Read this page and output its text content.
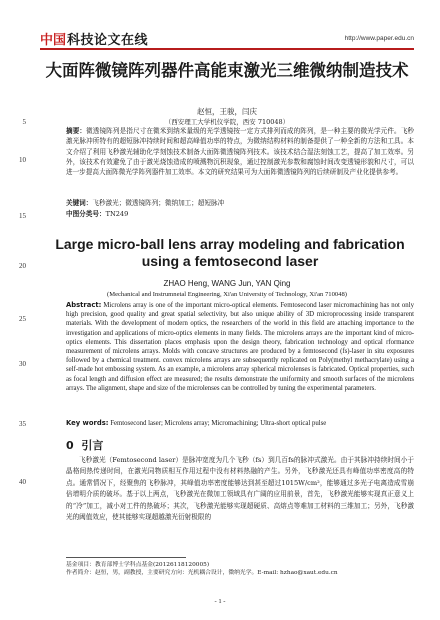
中国 科技论文在线	http://www.paper.edu.cn
大面阵微镜阵列器件高能束激光三维微纳制造技术
赵恒，王骏，闫庆
（西安理工大学机仪学院，西安 710048）
摘要：微透镜阵列是指尺寸在微米到纳米量级的光学透镜按一定方式排列而成的阵列，是一种主要的微光学元件。飞秒激光脉冲所特有的超短脉冲持续时间和超高峰值功率的特点，为微纳结构材料的制备提供了一种全新的方法和工具。本文介绍了利用飞秒激光辅助化学刻蚀技术制备大面阵微透镜阵列技术。该技术结合湿法刻蚀工艺，提高了加工效率。另外，该技术有效避免了由于激光烧蚀造成的喷溅物沉积现象，通过控制激光参数和腐蚀时间改变透镜形貌和尺寸，可以进一步提高大面阵微光学阵列器件加工效率。本文的研究结果可为大面阵微透镜阵列的后续研制及产业化提供参考。
关键词：飞秒激光；微透镜阵列；微纳加工；超短脉冲
中图分类号：TN249
Large micro-ball lens array modeling and fabrication using a femtosecond laser
ZHAO Heng, WANG Jun, YAN Qing
(Mechanical and Instrumnetal Engineering, Xi'an University of Technology, Xi'an 710048)
Abstract: Microlens array is one of the important micro-optical elements. Femtosecond laser micromachining has not only high precision, good quality and great spatial selectivity, but also unique ability of 3D microprocessing inside transparent materials. With the development of modern optics, the researchers of the world in this field are attaching importance to the investigation and applications of micro-optics elements in many fields. The microlens arrays are the important kind of micro-optics elements. This dissertation places emphasis upon the design theory, fabrication technology and optical rformance measurement of microlens arrays. Molds with concave structures are produced by a femtosecond (fs)-laser in situ exposures followed by a chemical treatment. convex microlens arrays are subsequently replicated on Poly(methyl methacrylate) using a self-made hot embossing system. As an example, a microlens array spherical microlenses is fabricated. Optical properties, such as focal length and diffusion effect are measured; the results demonstrate the uniformity and smooth surfaces of the microlens arrays. The alignment, shape and size of the microlenses can be controlled by tuning the experimental parameters.
Key words: Femtosecond laser; Microlens array; Micromachining; Ultra-short optical pulse
0 引言
飞秒激光（Femtosecond laser）是脉冲宽度为几个飞秒（fs）到几百fs的脉冲式激光。由于其脉冲持续时间小于晶格间热传递时间，在激光同物质相互作用过程中没有材料热融的产生。另外，飞秒激光还具有峰值功率密度高的特点。通常情况下，经聚焦的飞秒脉冲，其峰值功率密度能够达到甚至超过1015W/cm²，能够通过多光子电离造成雪崩倍增明介质的破坏。基于以上两点，飞秒激光在微加工领域具有广阔的应用前景，首先，飞秒激光能够实现真正意义上的“冷”加工，减小对工件的热破坏；其次，飞秒激光能够实现超硬质、高熔点等难加工材料的三维加工；另外，飞秒激光的阈值效应，使其能够实现超越激光衍射极限的
基金项目：教育部博士学科点基金(20126118120005)
作者简介：赵恒，男，副教授，主要研究方向：光机耦合设计，微纳光学。E-mail: hzhao@xaut.edu.cn
5
10
15
20
25
30
35
40
- 1 -
